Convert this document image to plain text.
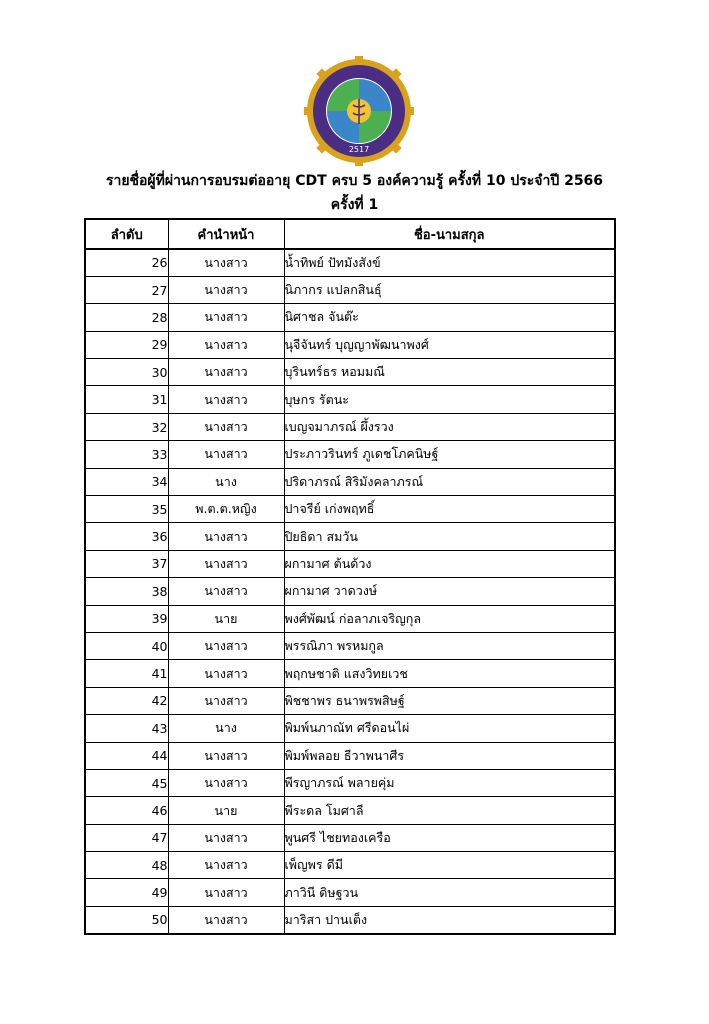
2517
รายชื่อผู้ที่ผ่านการอบรมต่ออายุ CDT ครบ 5 องค์ความรู้ ครั้งที่ 10 ประจำปี 2566
ครั้งที่ 1
ลำดับ	คำนำหน้า	ชื่อ-นามสกุล
26	นางสาว	น้ำทิพย์ ปัทมังสังข์
27	นางสาว	นิภากร แปลกสินธุ์
28	นางสาว	นิศาชล จันต๊ะ
29	นางสาว	นุจีจันทร์ บุญญาพัฒนาพงศ์
30	นางสาว	บุรินทร์ธร หอมมณี
31	นางสาว	บุษกร รัตนะ
32	นางสาว	เบญจมาภรณ์ ผึ้งรวง
33	นางสาว	ประภาวรินทร์ ภูเดชโภคนิษฐ์
34	นาง	ปริดาภรณ์ สิริมังคลาภรณ์
35	พ.ต.ต.หญิง	ปาจรีย์ เก่งพฤทธิ์
36	นางสาว	ปิยธิดา สมวัน
37	นางสาว	ผกามาศ ต้นด้วง
38	นางสาว	ผกามาศ วาดวงษ์
39	นาย	พงศ์พัฒน์ ก่อลาภเจริญกุล
40	นางสาว	พรรณิภา พรหมกูล
41	นางสาว	พฤกษชาติ แสงวิทยเวช
42	นางสาว	พิชชาพร ธนาพรพสิษฐ์
43	นาง	พิมพ์นภาณัท ศรีดอนไผ่
44	นางสาว	พิมพ์พลอย ธีวาพนาศีร
45	นางสาว	พีรญาภรณ์ พลายคุ่ม
46	นาย	พีระดล โมศาลี
47	นางสาว	พูนศรี ไชยทองเครือ
48	นางสาว	เพ็ญพร ดีมี
49	นางสาว	ภาวินี ดิษฐวน
50	นางสาว	มาริสา ปานเต็ง
